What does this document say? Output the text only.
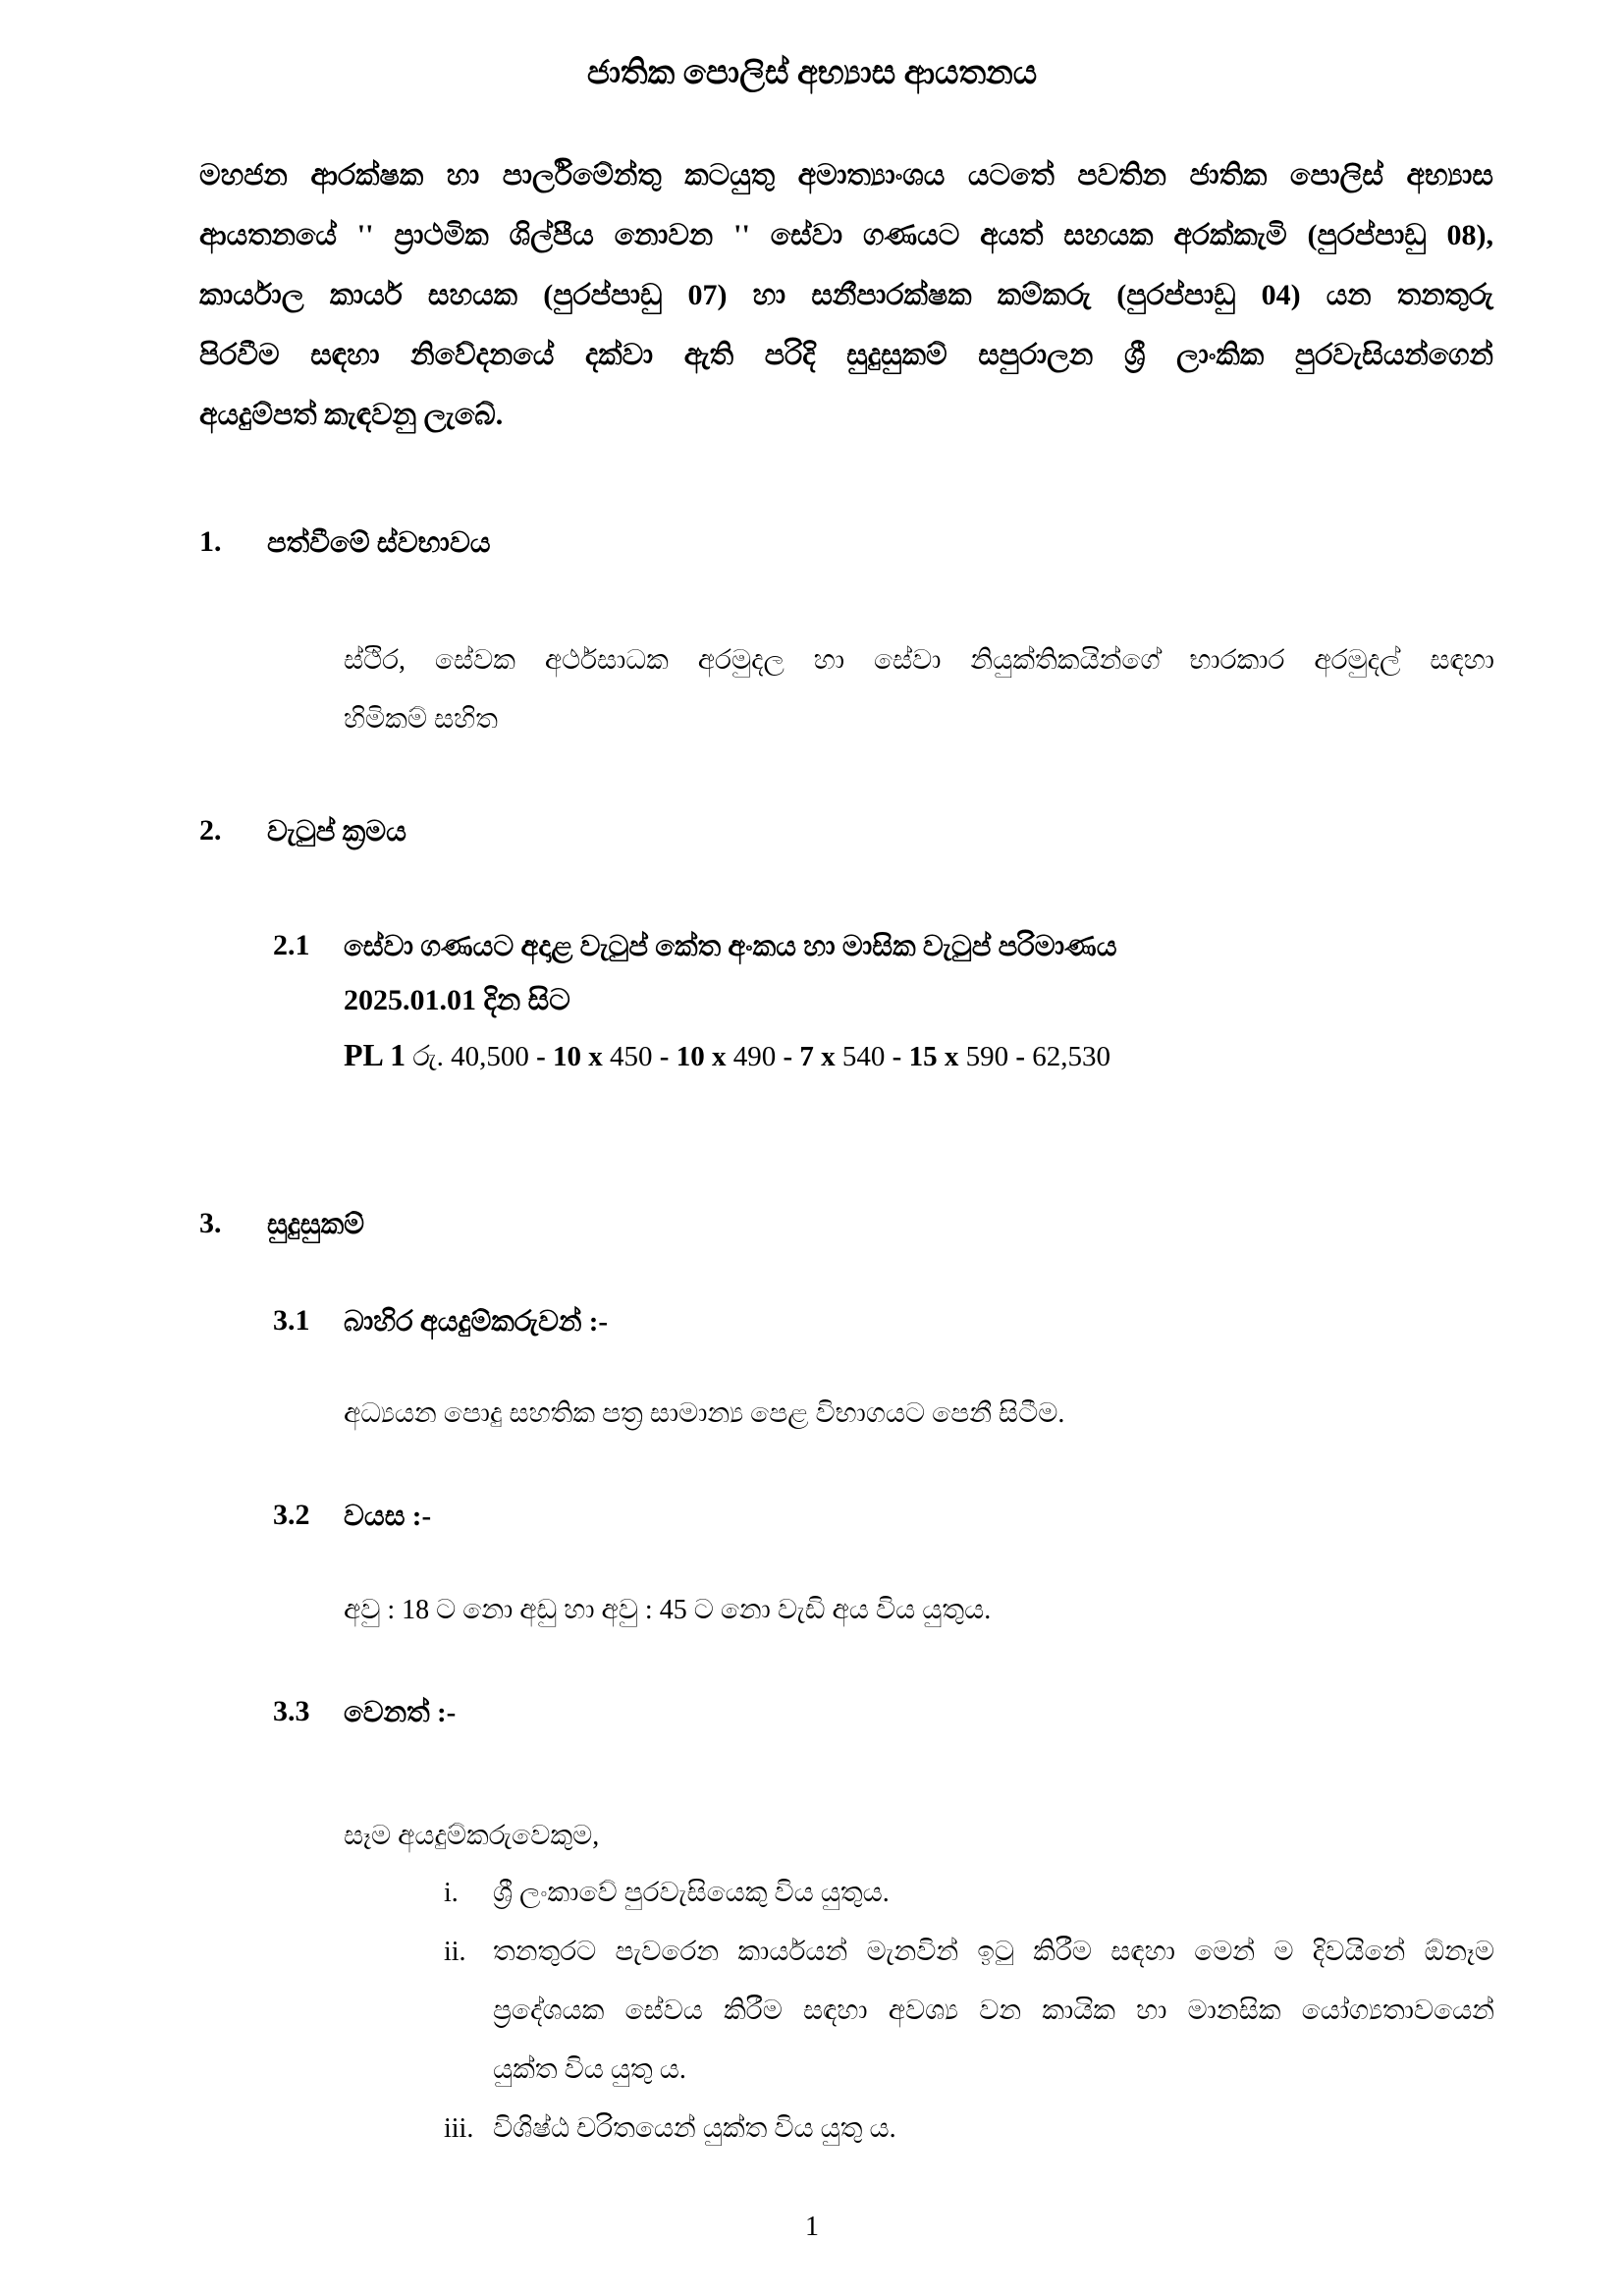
ජාතික පොලිස් අභ්‍යාස ආයතනය
මහජන ආරක්ෂක හා පාර්ලිමේන්තු කටයුතු අමාත්‍යාංශය යටතේ පවතින ජාතික පොලිස් අභ්‍යාස
ආයතනයේ '' ප්‍රාථමික ශිල්පීය නොවන '' සේවා ගණයට අයත් සහයක අරක්කැමි (පුරප්පාඩු 08),
කාර්යාල කාර්ය සහයක (පුරප්පාඩු 07) හා සනීපාරක්ෂක කම්කරු (පුරප්පාඩු 04) යන තනතුරු
පිරවීම සඳහා නිවේදනයේ දක්වා ඇති පරිදි සුදුසුකම් සපුරාලන ශ්‍රී ලාංකික පුරවැසියන්ගෙන්
අයදුම්පත් කැඳවනු ලැබේ.
1. පත්වීමේ ස්වභාවය
ස්ථිර, සේවක අර්ථසාධක අරමුදල හා සේවා නියුක්තිකයින්ගේ භාරකාර අරමුදල් සඳහා
හිමිකම් සහිත
2. වැටුප් ක්‍රමය
2.1 සේවා ගණයට අදාළ වැටුප් කේත අංකය හා මාසික වැටුප් පරිමාණය
2025.01.01 දින සිට
PL 1 රු. 40,500 - 10 x 450 - 10 x 490 - 7 x 540 - 15 x 590 - 62,530
3. සුදුසුකම්
3.1 බාහිර අයදුම්කරුවන් :-
අධ්‍යයන පොදු සහතික පත්‍ර සාමාන්‍ය පෙළ විභාගයට පෙනී සිටීම.
3.2 වයස :-
අවු : 18 ට නො අඩු හා අවු : 45 ට නො වැඩි අය විය යුතුය.
3.3 වෙනත් :-
සෑම අයදුම්කරුවෙකුම,
i. ශ්‍රී ලංකාවේ පුරවැසියෙකු විය යුතුය.
ii. තනතුරට පැවරෙන කාර්යයන් මැනවින් ඉටු කිරීම සඳහා මෙන් ම දිවයිනේ ඕනෑම
ප්‍රදේශයක සේවය කිරීම සඳහා අවශ්‍ය වන කායික හා මානසික යෝග්‍යතාවයෙන්
යුක්ත විය යුතු ය.
iii. විශිෂ්ඨ චරිතයෙන් යුක්ත විය යුතු ය.
1
